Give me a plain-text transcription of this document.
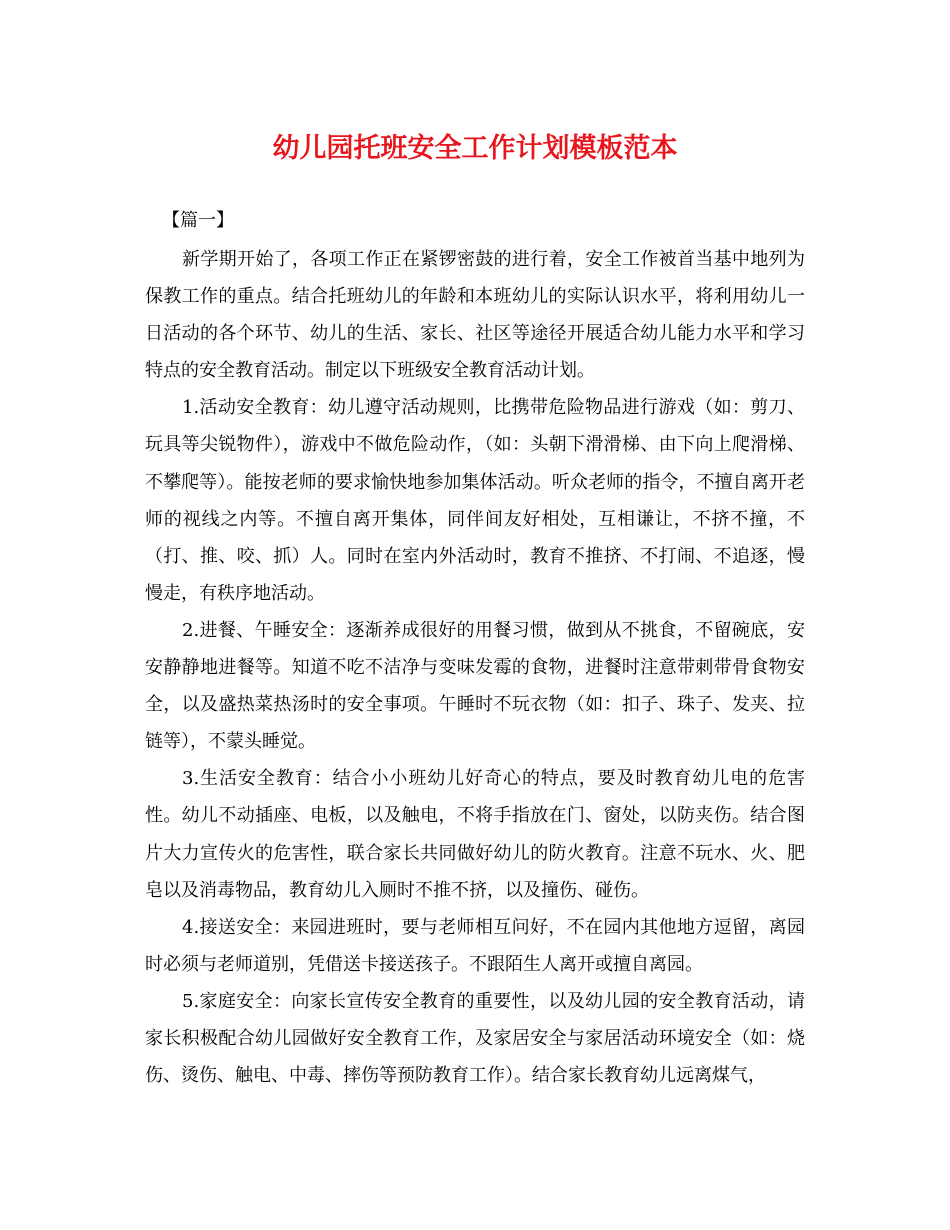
幼儿园托班安全工作计划模板范本

【篇一】

新学期开始了，各项工作正在紧锣密鼓的进行着，安全工作被首当基中地列为保教工作的重点。结合托班幼儿的年龄和本班幼儿的实际认识水平，将利用幼儿一日活动的各个环节、幼儿的生活、家长、社区等途径开展适合幼儿能力水平和学习特点的安全教育活动。制定以下班级安全教育活动计划。

1.活动安全教育：幼儿遵守活动规则，比携带危险物品进行游戏（如：剪刀、玩具等尖锐物件），游戏中不做危险动作，（如：头朝下滑滑梯、由下向上爬滑梯、不攀爬等）。能按老师的要求愉快地参加集体活动。听众老师的指令，不擅自离开老师的视线之内等。不擅自离开集体，同伴间友好相处，互相谦让，不挤不撞，不（打、推、咬、抓）人。同时在室内外活动时，教育不推挤、不打闹、不追逐，慢慢走，有秩序地活动。

2.进餐、午睡安全：逐渐养成很好的用餐习惯，做到从不挑食，不留碗底，安安静静地进餐等。知道不吃不洁净与变味发霉的食物，进餐时注意带刺带骨食物安全，以及盛热菜热汤时的安全事项。午睡时不玩衣物（如：扣子、珠子、发夹、拉链等），不蒙头睡觉。

3.生活安全教育：结合小小班幼儿好奇心的特点，要及时教育幼儿电的危害性。幼儿不动插座、电板，以及触电，不将手指放在门、窗处，以防夹伤。结合图片大力宣传火的危害性，联合家长共同做好幼儿的防火教育。注意不玩水、火、肥皂以及消毒物品，教育幼儿入厕时不推不挤，以及撞伤、碰伤。

4.接送安全：来园进班时，要与老师相互问好，不在园内其他地方逗留，离园时必须与老师道别，凭借送卡接送孩子。不跟陌生人离开或擅自离园。

5.家庭安全：向家长宣传安全教育的重要性，以及幼儿园的安全教育活动，请家长积极配合幼儿园做好安全教育工作，及家居安全与家居活动环境安全（如：烧伤、烫伤、触电、中毒、摔伤等预防教育工作）。结合家长教育幼儿远离煤气，
